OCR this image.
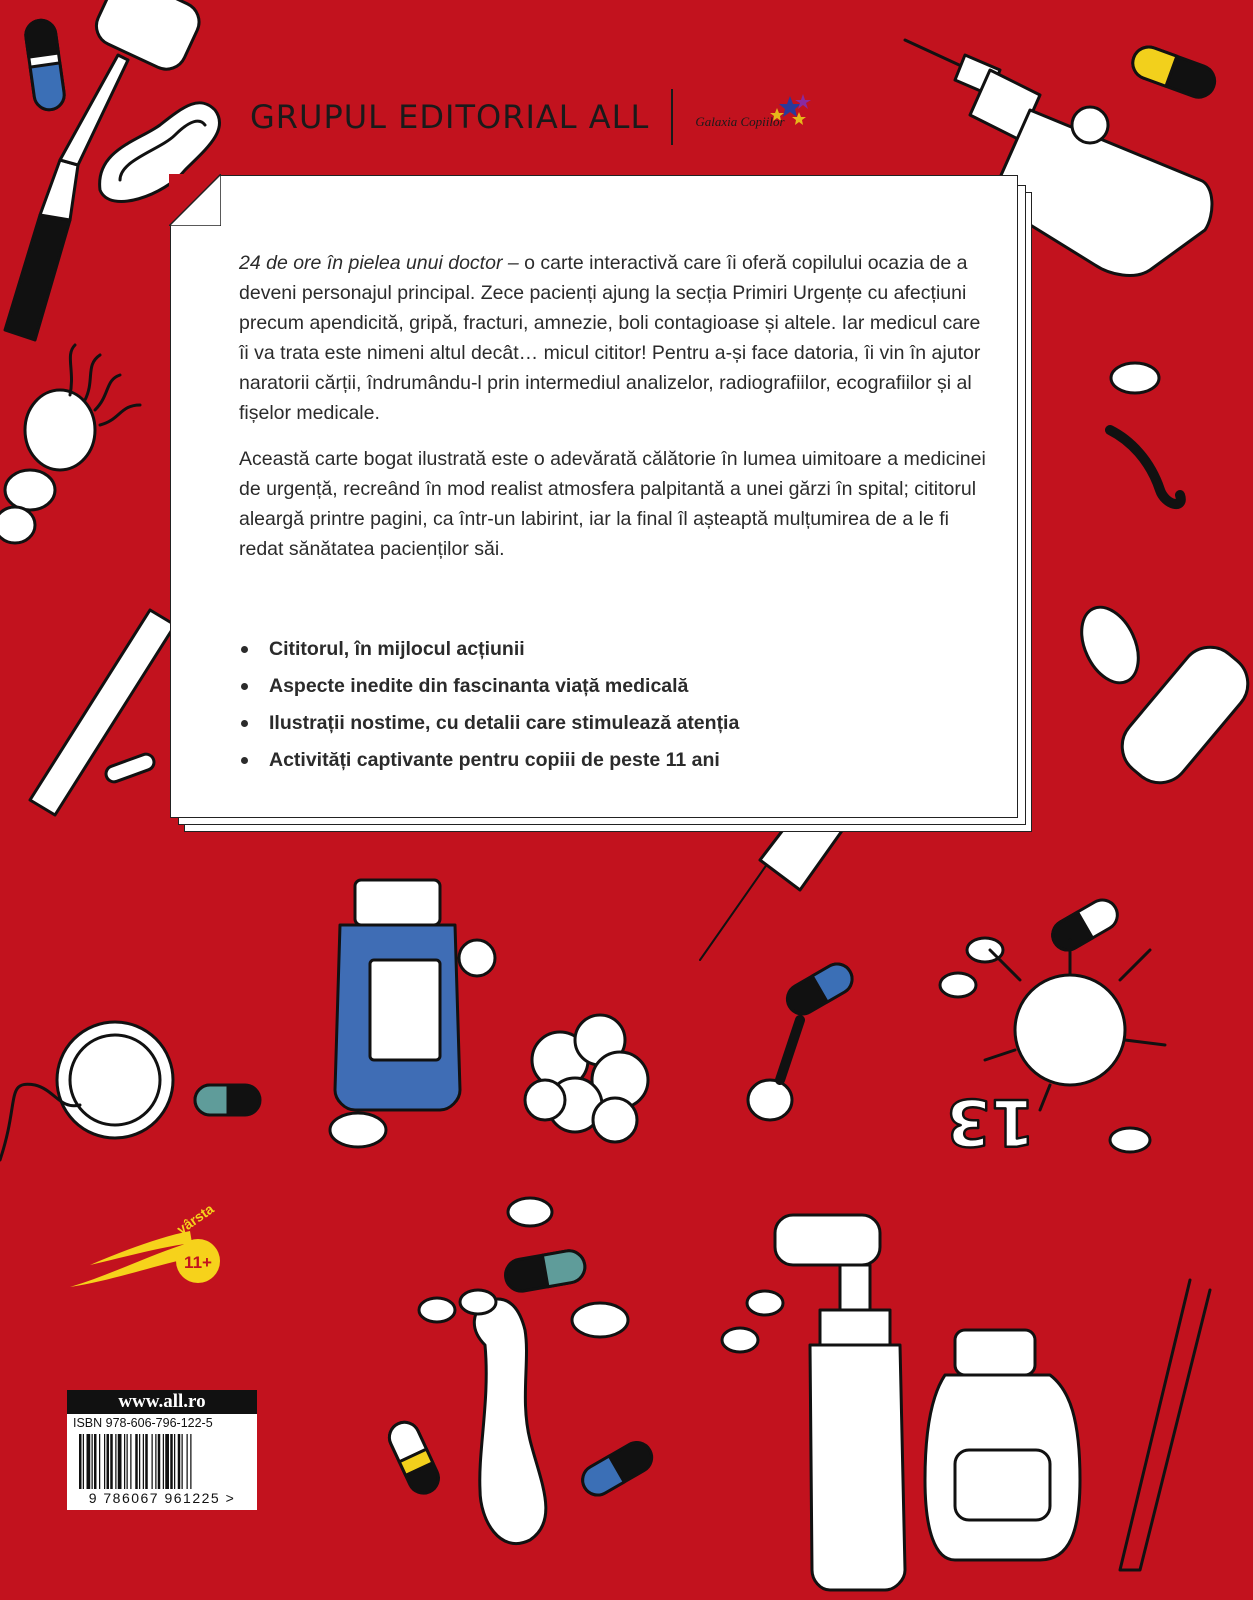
13
GRUPUL EDITORIAL ALL	Galaxia Copiilor

24 de ore în pielea unui doctor – o carte interactivă care îi oferă copilului ocazia de a deveni personajul principal. Zece pacienți ajung la secția Primiri Urgențe cu afecțiuni precum apendicită, gripă, fracturi, amnezie, boli contagioase și altele. Iar medicul care îi va trata este nimeni altul decât… micul cititor! Pentru a-și face datoria, îi vin în ajutor naratorii cărții, îndrumându-l prin intermediul analizelor, radiografiilor, ecografiilor și al fișelor medicale.

Această carte bogat ilustrată este o adevărată călătorie în lumea uimitoare a medicinei de urgență, recreând în mod realist atmosfera palpitantă a unei gărzi în spital; cititorul aleargă printre pagini, ca într-un labirint, iar la final îl așteaptă mulțumirea de a le fi redat sănătatea pacienților săi.

Cititorul, în mijlocul acțiunii
Aspecte inedite din fascinanta viață medicală
Ilustrații nostime, cu detalii care stimulează atenția
Activități captivante pentru copiii de peste 11 ani
11+
vârsta
www.all.ro
ISBN 978-606-796-122-5
9 786067 961225 >
